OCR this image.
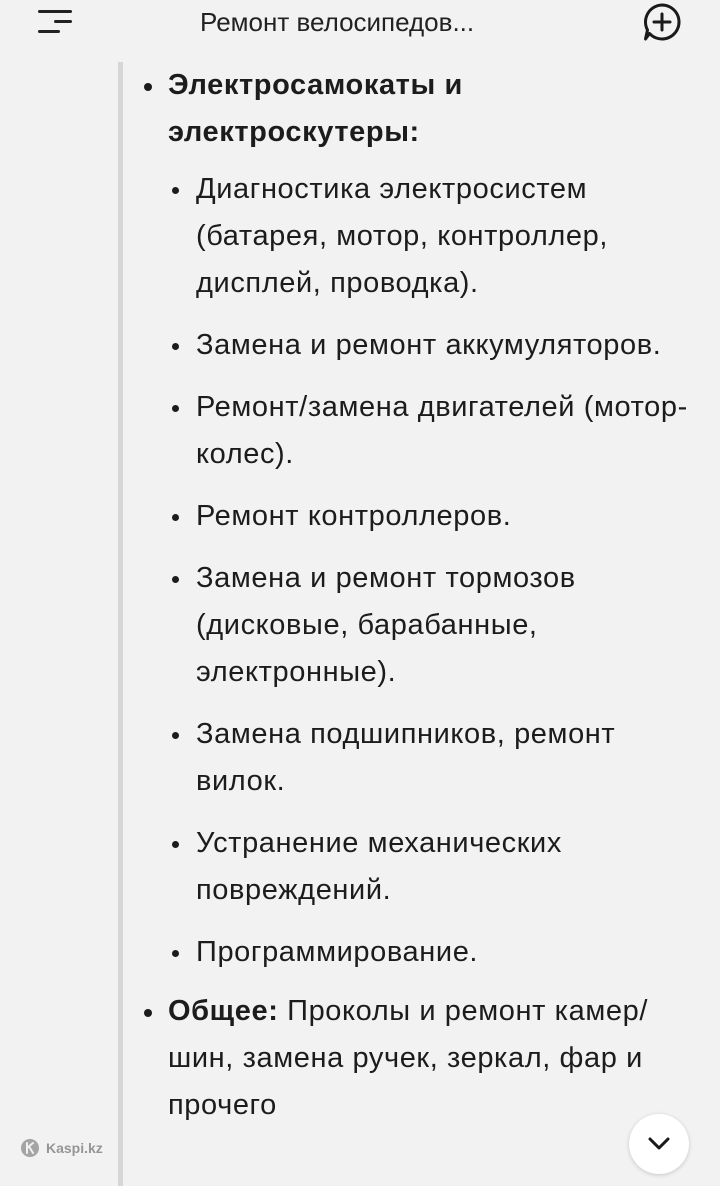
Ремонт велосипедов...
Электросамокаты и электроскутеры:
Диагностика электросистем (батарея, мотор, контроллер, дисплей, проводка).
Замена и ремонт аккумуляторов.
Ремонт/замена двигателей (мотор-колес).
Ремонт контроллеров.
Замена и ремонт тормозов (дисковые, барабанные, электронные).
Замена подшипников, ремонт вилок.
Устранение механических повреждений.
Программирование.
Общее: Проколы и ремонт камер/шин, замена ручек, зеркал, фар и прочего
Kaspi.kz
